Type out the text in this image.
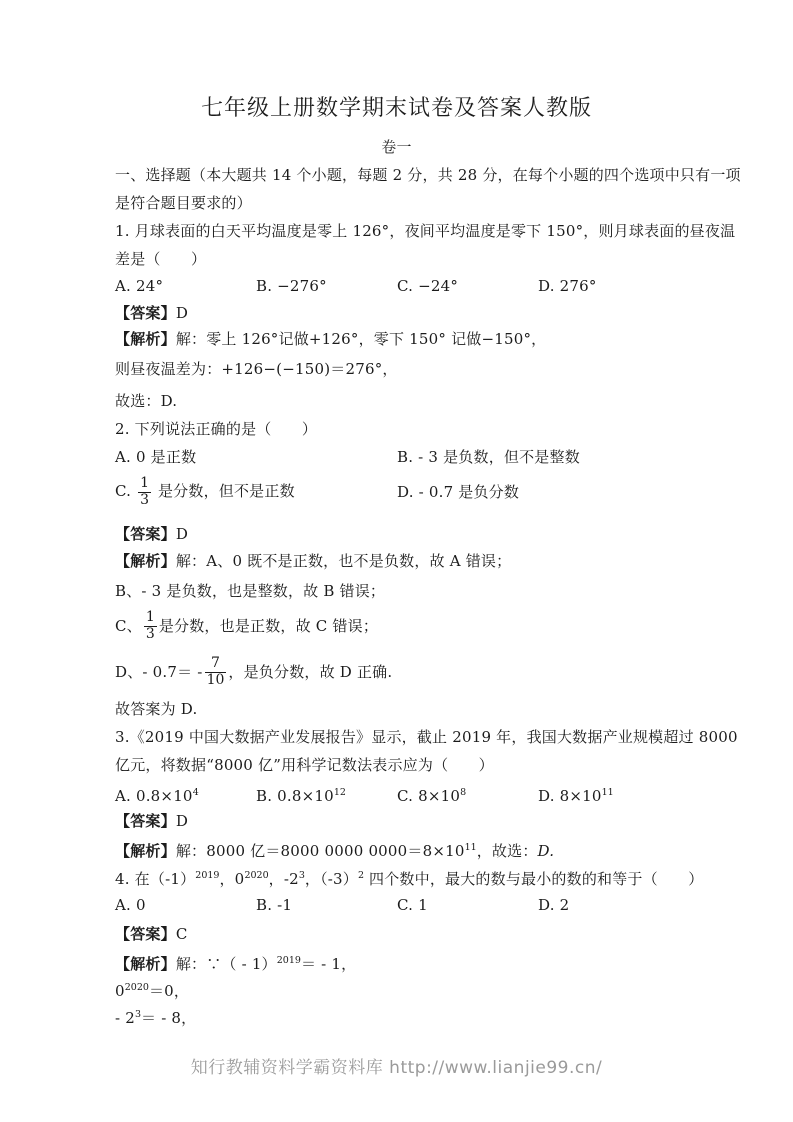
七年级上册数学期末试卷及答案人教版
卷一
一、选择题（本大题共 14 个小题，每题 2 分，共 28 分，在每个小题的四个选项中只有一项
是符合题目要求的）
1. 月球表面的白天平均温度是零上 126°，夜间平均温度是零下 150°，则月球表面的昼夜温
差是（　　）
A. 24°	B. −276°	C. −24°	D. 276°
【答案】D
【解析】解：零上 126°记做+126°，零下 150° 记做−150°，
则昼夜温差为：+126−(−150)＝276°，
故选：D.
2. 下列说法正确的是（　　）
A. 0 是正数	B. - 3 是负数，但不是整数
C. $\frac{1}{3}$ 是分数，但不是正数	D. - 0.7 是负分数
【答案】D
【解析】解：A、0 既不是正数，也不是负数，故 A 错误；
B、- 3 是负数，也是整数，故 B 错误；
C、 $\frac{1}{3}$ 是分数，也是正数，故 C 错误；
D、- $0.7= - \frac{7}{10}$ ，是负分数，故 D 正确.
故答案为 D.
3.《2019 中国大数据产业发展报告》显示，截止 2019 年，我国大数据产业规模超过 8000
亿元，将数据“8000 亿”用科学记数法表示应为（　　）
A. $0.8\times 10^4$	B. $0.8\times 10^{12}$	C. $8\times 10^8$	D. $8\times 10^{11}$
【答案】D
【解析】解：8000 亿＝8000 0000 $0000=8\times 10^{11}$，故选：D.
4. 在$(-1)^{2019}$，$0^{2020}$，$-2^3$，$(-3)^2$ 四个数中，最大的数与最小的数的和等于（　　）
A. 0	B. -1	C. 1	D. 2
【答案】C
【解析】解：∵（ - 1）$^{2019}$＝ - 1，
$0^{2020}=0$，
- $2^3= - 8$，
知行教辅资料学霸资料库 http://www.lianjie99.cn/
